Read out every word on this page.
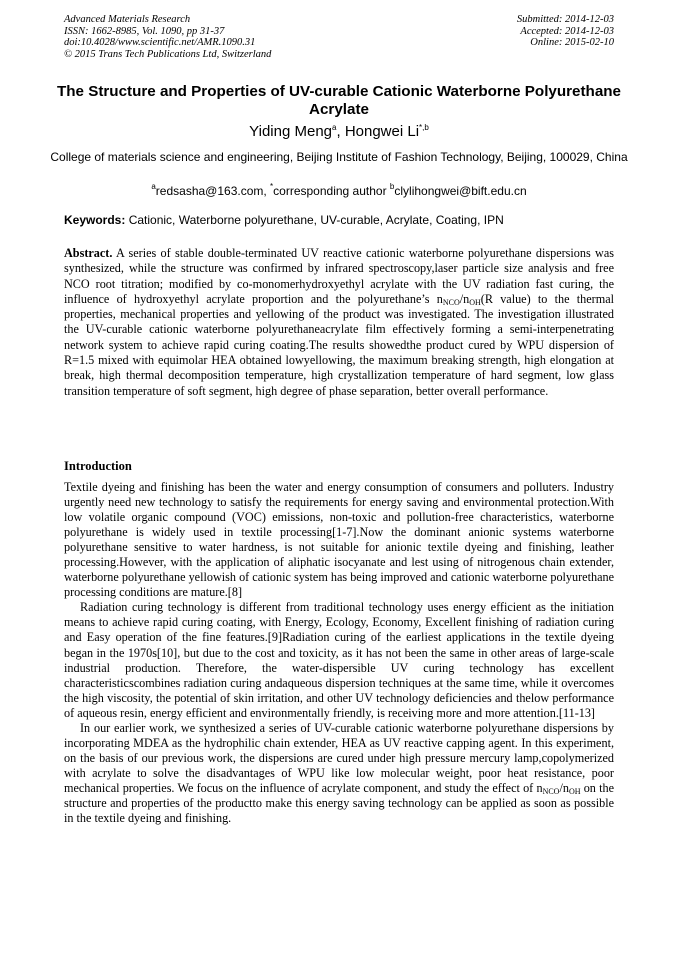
Advanced Materials Research
ISSN: 1662-8985, Vol. 1090, pp 31-37
doi:10.4028/www.scientific.net/AMR.1090.31
© 2015 Trans Tech Publications Ltd, Switzerland
Submitted: 2014-12-03
Accepted: 2014-12-03
Online: 2015-02-10
The Structure and Properties of UV-curable Cationic Waterborne Polyurethane Acrylate
Yiding Meng$^a$, Hongwei $Li^{*,b}$
College of materials science and engineering, Beijing Institute of Fashion Technology, Beijing, 100029, China
$^a$redsasha@163.com, *corresponding author $^b$clylihongwei@bift.edu.cn
Keywords: Cationic, Waterborne polyurethane, UV-curable, Acrylate, Coating, IPN
Abstract. A series of stable double-terminated UV reactive cationic waterborne polyurethane dispersions was synthesized, while the structure was confirmed by infrared spectroscopy,laser particle size analysis and free NCO root titration; modified by co-monomerhydroxyethyl acrylate with the UV radiation fast curing, the influence of hydroxyethyl acrylate proportion and the polyurethane’s $n_{NCO}/n_{OH}(R$ value) to the thermal properties, mechanical properties and yellowing of the product was investigated. The investigation illustrated the UV-curable cationic waterborne polyurethaneacrylate film effectively forming a semi-interpenetrating network system to achieve rapid curing coating.The results showedthe product cured by WPU dispersion of R=1.5 mixed with equimolar HEA obtained lowyellowing, the maximum breaking strength, high elongation at break, high thermal decomposition temperature, high crystallization temperature of hard segment, low glass transition temperature of soft segment, high degree of phase separation, better overall performance.
Introduction

Textile dyeing and finishing has been the water and energy consumption of consumers and polluters. Industry urgently need new technology to satisfy the requirements for energy saving and environmental protection.With low volatile organic compound (VOC) emissions, non-toxic and pollution-free characteristics, waterborne polyurethane is widely used in textile processing[1-7].Now the dominant anionic systems waterborne polyurethane sensitive to water hardness, is not suitable for anionic textile dyeing and finishing, leather processing.However, with the application of aliphatic isocyanate and lest using of nitrogenous chain extender, waterborne polyurethane yellowish of cationic system has being improved and cationic waterborne polyurethane processing conditions are mature.[8]

Radiation curing technology is different from traditional technology uses energy efficient as the initiation means to achieve rapid curing coating, with Energy, Ecology, Economy, Excellent finishing of radiation curing and Easy operation of the fine features.[9]Radiation curing of the earliest applications in the textile dyeing began in the 1970s[10], but due to the cost and toxicity, as it has not been the same in other areas of large-scale industrial production. Therefore, the water-dispersible UV curing technology has excellent characteristicscombines radiation curing andaqueous dispersion techniques at the same time, while it overcomes the high viscosity, the potential of skin irritation, and other UV technology deficiencies and thelow performance of aqueous resin, energy efficient and environmentally friendly, is receiving more and more attention.[11-13]

In our earlier work, we synthesized a series of UV-curable cationic waterborne polyurethane dispersions by incorporating MDEA as the hydrophilic chain extender, HEA as UV reactive capping agent. In this experiment, on the basis of our previous work, the dispersions are cured under high pressure mercury lamp,copolymerized with acrylate to solve the disadvantages of WPU like low molecular weight, poor heat resistance, poor mechanical properties. We focus on the influence of acrylate component, and study the effect of $n_{NCO}/n_{OH}$ on the structure and properties of the productto make this energy saving technology can be applied as soon as possible in the textile dyeing and finishing.
